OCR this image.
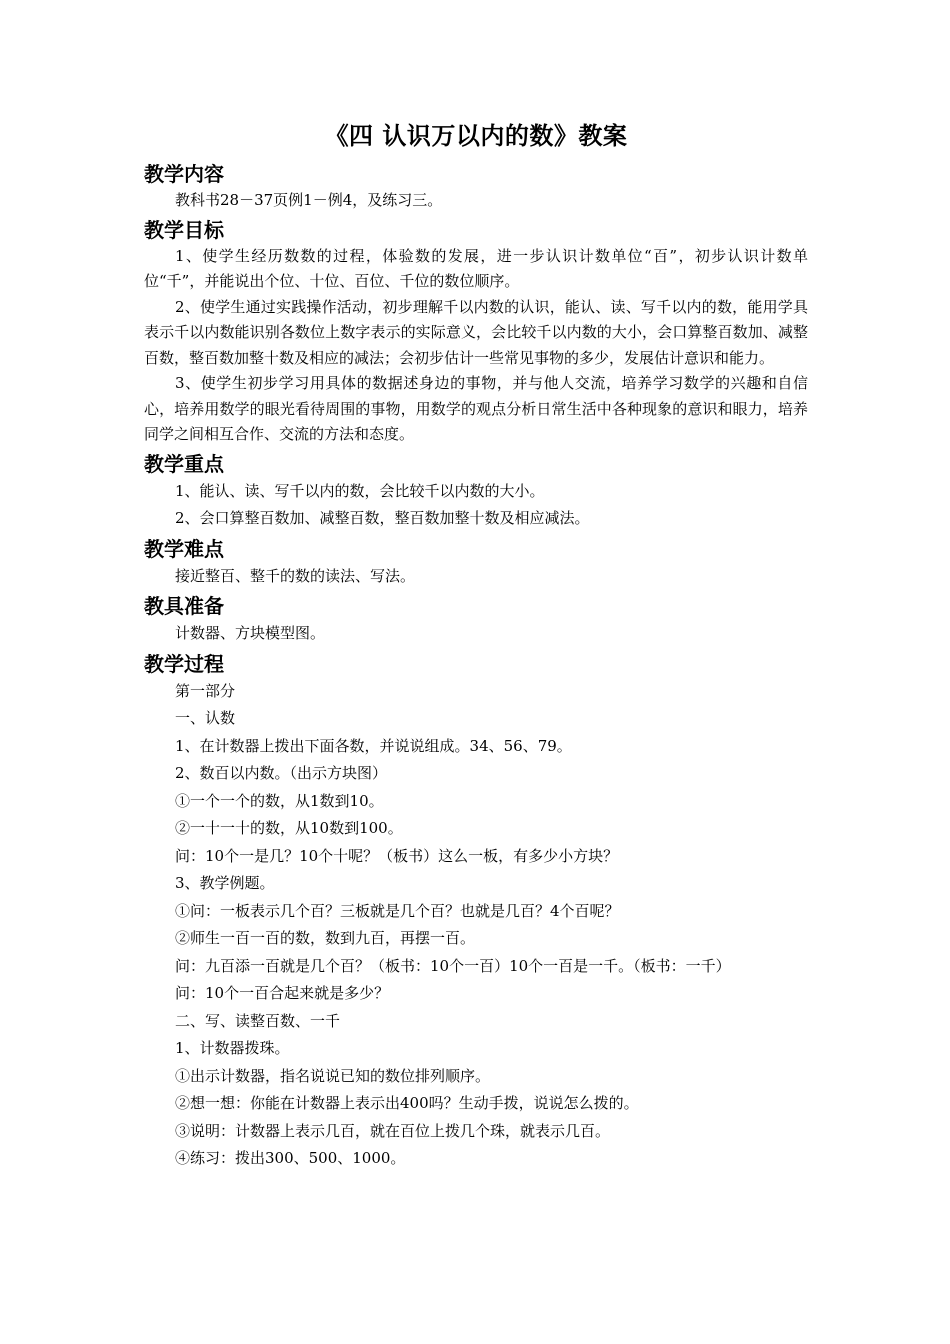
《四 认识万以内的数》教案
教学内容

教科书28－37页例1－例4，及练习三。

教学目标

1、使学生经历数数的过程，体验数的发展，进一步认识计数单位“百”，初步认识计数单位“千”，并能说出个位、十位、百位、千位的数位顺序。

2、使学生通过实践操作活动，初步理解千以内数的认识，能认、读、写千以内的数，能用学具表示千以内数能识别各数位上数字表示的实际意义，会比较千以内数的大小，会口算整百数加、减整百数，整百数加整十数及相应的减法；会初步估计一些常见事物的多少，发展估计意识和能力。

3、使学生初步学习用具体的数据述身边的事物，并与他人交流，培养学习数学的兴趣和自信心，培养用数学的眼光看待周围的事物，用数学的观点分析日常生活中各种现象的意识和眼力，培养同学之间相互合作、交流的方法和态度。

教学重点

1、能认、读、写千以内的数，会比较千以内数的大小。

2、会口算整百数加、减整百数，整百数加整十数及相应减法。

教学难点

接近整百、整千的数的读法、写法。

教具准备

计数器、方块模型图。

教学过程

第一部分

一、认数

1、在计数器上拨出下面各数，并说说组成。34、56、79。

2、数百以内数。（出示方块图）

①一个一个的数，从1数到10。

②一十一十的数，从10数到100。

问：10个一是几？10个十呢？（板书）这么一板，有多少小方块？

3、教学例题。

①问：一板表示几个百？三板就是几个百？也就是几百？4个百呢？

②师生一百一百的数，数到九百，再摆一百。

问：九百添一百就是几个百？（板书：10个一百）10个一百是一千。（板书：一千）

问：10个一百合起来就是多少？

二、写、读整百数、一千

1、计数器拨珠。

①出示计数器，指名说说已知的数位排列顺序。

②想一想：你能在计数器上表示出400吗？生动手拨，说说怎么拨的。

③说明：计数器上表示几百，就在百位上拨几个珠，就表示几百。

④练习：拨出300、500、1000。
